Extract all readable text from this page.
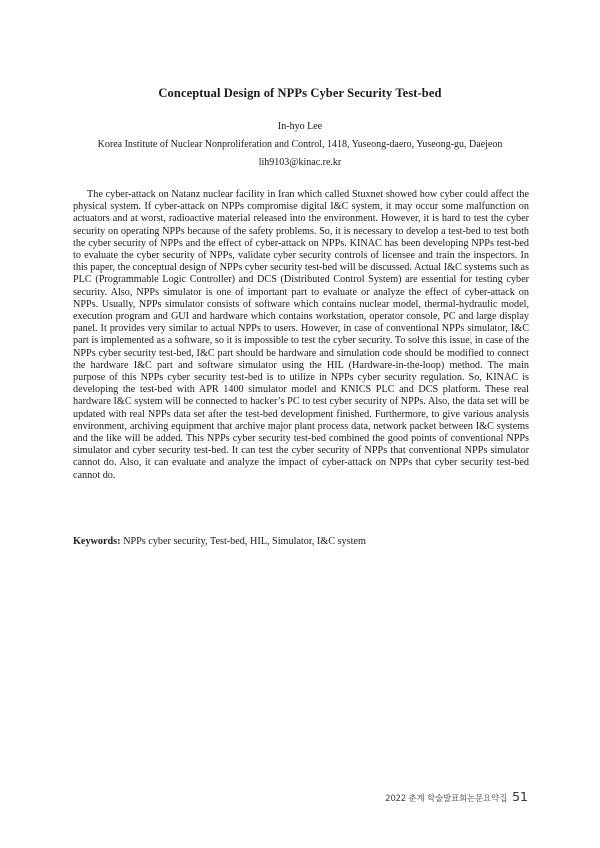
Conceptual Design of NPPs Cyber Security Test-bed
In-hyo Lee
Korea Institute of Nuclear Nonproliferation and Control, 1418, Yuseong-daero, Yuseong-gu, Daejeon
lih9103@kinac.re.kr

The cyber-attack on Natanz nuclear facility in Iran which called Stuxnet showed how cyber could affect the physical system. If cyber-attack on NPPs compromise digital I&C system, it may occur some malfunction on actuators and at worst, radioactive material released into the environment. However, it is hard to test the cyber security on operating NPPs because of the safety problems. So, it is necessary to develop a test-bed to test both the cyber security of NPPs and the effect of cyber-attack on NPPs. KINAC has been developing NPPs test-bed to evaluate the cyber security of NPPs, validate cyber security controls of licensee and train the inspectors. In this paper, the conceptual design of NPPs cyber security test-bed will be discussed. Actual I&C systems such as PLC (Programmable Logic Controller) and DCS (Distributed Control System) are essential for testing cyber security. Also, NPPs simulator is one of important part to evaluate or analyze the effect of cyber-attack on NPPs. Usually, NPPs simulator consists of software which contains nuclear model, thermal-hydraulic model, execution program and GUI and hardware which contains workstation, operator console, PC and large display panel. It provides very similar to actual NPPs to users. However, in case of conventional NPPs simulator, I&C part is implemented as a software, so it is impossible to test the cyber security. To solve this issue, in case of the NPPs cyber security test-bed, I&C part should be hardware and simulation code should be modified to connect the hardware I&C part and software simulator using the HIL (Hardware-in-the-loop) method. The main purpose of this NPPs cyber security test-bed is to utilize in NPPs cyber security regulation. So, KINAC is developing the test-bed with APR 1400 simulator model and KNICS PLC and DCS platform. These real hardware I&C system will be connected to hacker’s PC to test cyber security of NPPs. Also, the data set will be updated with real NPPs data set after the test-bed development finished. Furthermore, to give various analysis environment, archiving equipment that archive major plant process data, network packet between I&C systems and the like will be added. This NPPs cyber security test-bed combined the good points of conventional NPPs simulator and cyber security test-bed. It can test the cyber security of NPPs that conventional NPPs simulator cannot do. Also, it can evaluate and analyze the impact of cyber-attack on NPPs that cyber security test-bed cannot do.

Keywords: NPPs cyber security, Test-bed, HIL, Simulator, I&C system
2022 춘계 학술발표회논문요약집 51
